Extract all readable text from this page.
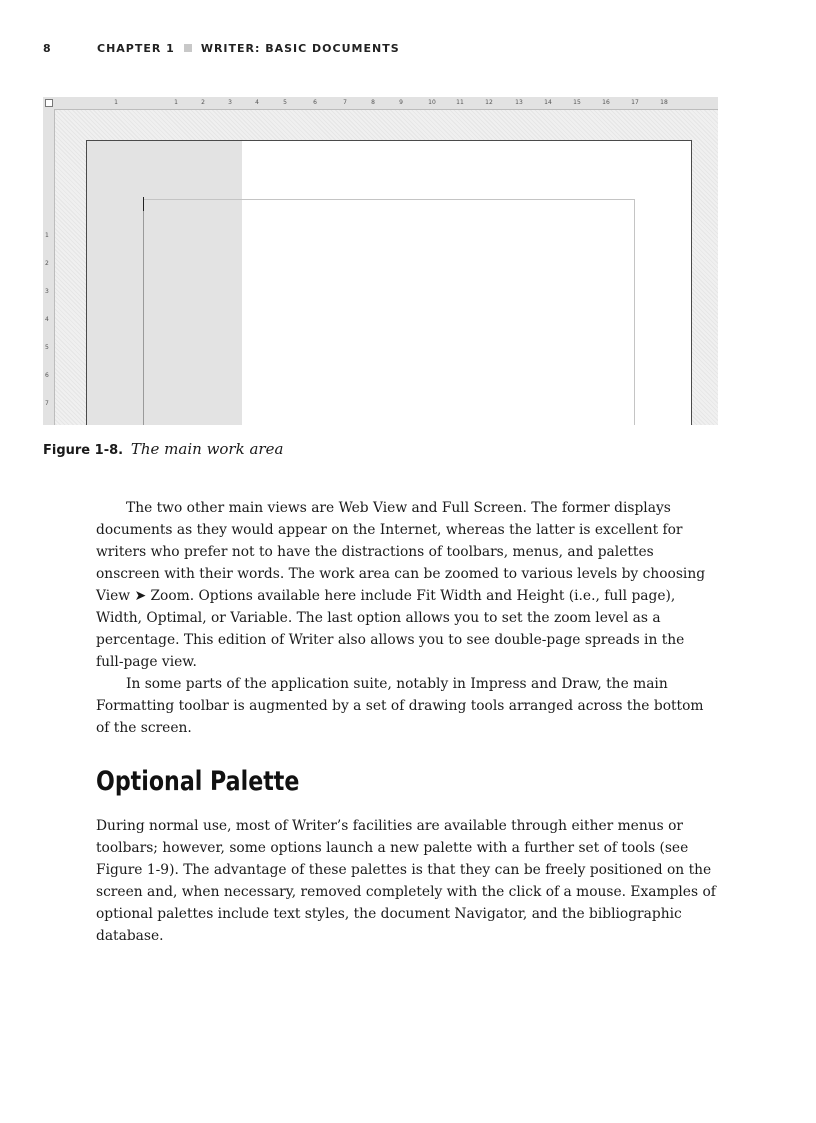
8	CHAPTER 1 WRITER: BASIC DOCUMENTS
1	1	2	3	4	5	6	7	8	9	10	11	12	13	14	15	16	17	18
1
2
3
4
5
6
7
Figure 1-8. The main work area

The two other main views are Web View and Full Screen. The former displays documents as they would appear on the Internet, whereas the latter is excellent for writers who prefer not to have the distractions of toolbars, menus, and palettes onscreen with their words. The work area can be zoomed to various levels by choosing View ➤ Zoom. Options available here include Fit Width and Height (i.e., full page), Width, Optimal, or Variable. The last option allows you to set the zoom level as a percentage. This edition of Writer also allows you to see double-page spreads in the full-page view.

In some parts of the application suite, notably in Impress and Draw, the main Formatting toolbar is augmented by a set of drawing tools arranged across the bottom of the screen.

Optional Palette

During normal use, most of Writer’s facilities are available through either menus or toolbars; however, some options launch a new palette with a further set of tools (see Figure 1-9). The advantage of these palettes is that they can be freely positioned on the screen and, when necessary, removed completely with the click of a mouse. Examples of optional palettes include text styles, the document Navigator, and the bibliographic database.
